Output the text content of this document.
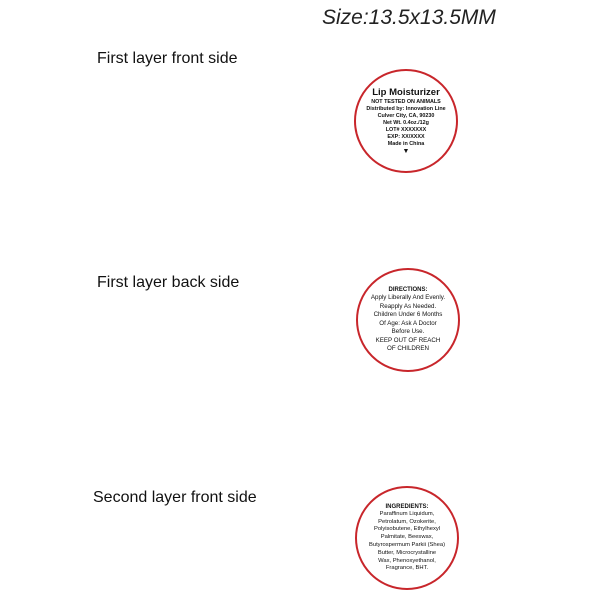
Size:13.5x13.5MM
First layer front side
First layer back side
Second layer front side
Lip Moisturizer
NOT TESTED ON ANIMALS
Distributed by: Innovation Line
Culver City, CA, 90230
Net Wt. 0.4oz./12g
LOT# XXXXXXX
EXP: XX/XXXX
Made in China
▼
DIRECTIONS:
Apply Liberally And Evenly.
Reapply As Needed.
Children Under 6 Months
Of Age: Ask A Doctor
Before Use.
KEEP OUT OF REACH
OF CHILDREN
INGREDIENTS:
Paraffinum Liquidum,
Petrolatum, Ozokerite,
Polyisobutene, Ethylhexyl
Palmitate, Beeswax,
Butyrospermum Parkii (Shea)
Butter, Microcrystalline
Wax, Phenoxyethanol,
Fragrance, BHT.
